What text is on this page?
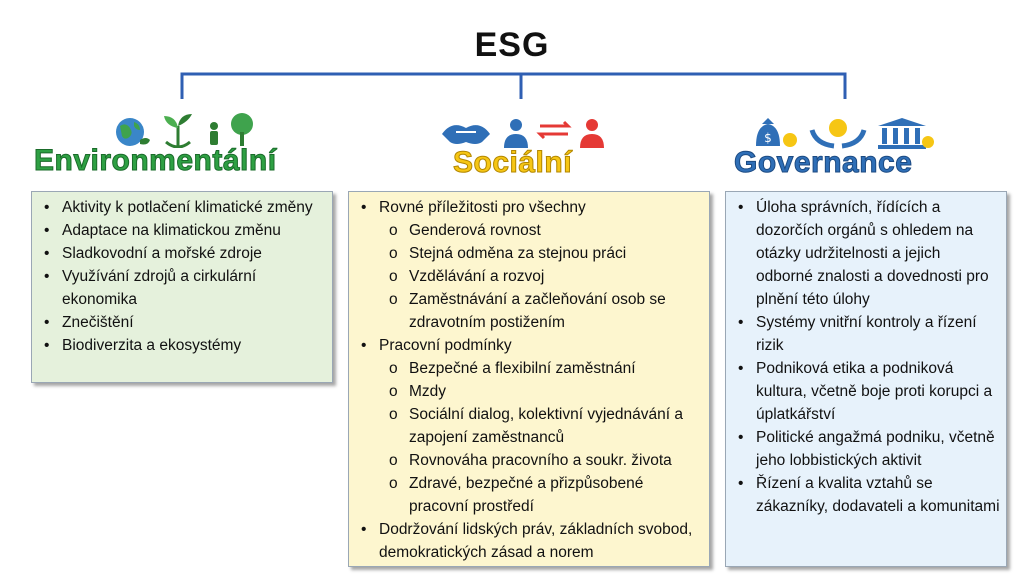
ESG
Environmentální	Sociální
$
Governance
• Aktivity k potlačení klimatické změny
• Adaptace na klimatickou změnu
• Sladkovodní a mořské zdroje
• Využívání zdrojů a cirkulární ekonomika
• Znečištění
• Biodiverzita a ekosystémy
• Rovné příležitosti pro všechny
o Genderová rovnost
o Stejná odměna za stejnou práci
o Vzdělávání a rozvoj
o Zaměstnávání a začleňování osob se zdravotním postižením
• Pracovní podmínky
o Bezpečné a flexibilní zaměstnání
o Mzdy
o Sociální dialog, kolektivní vyjednávání a zapojení zaměstnanců
o Rovnováha pracovního a soukr. života
o Zdravé, bezpečné a přizpůsobené pracovní prostředí
• Dodržování lidských práv, základních svobod, demokratických zásad a norem
• Úloha správních, řídících a dozorčích orgánů s ohledem na otázky udržitelnosti a jejich odborné znalosti a dovednosti pro plnění této úlohy
• Systémy vnitřní kontroly a řízení rizik
• Podniková etika a podniková kultura, včetně boje proti korupci a úplatkářství
• Politické angažmá podniku, včetně jeho lobbistických aktivit
• Řízení a kvalita vztahů se zákazníky, dodavateli a komunitami
